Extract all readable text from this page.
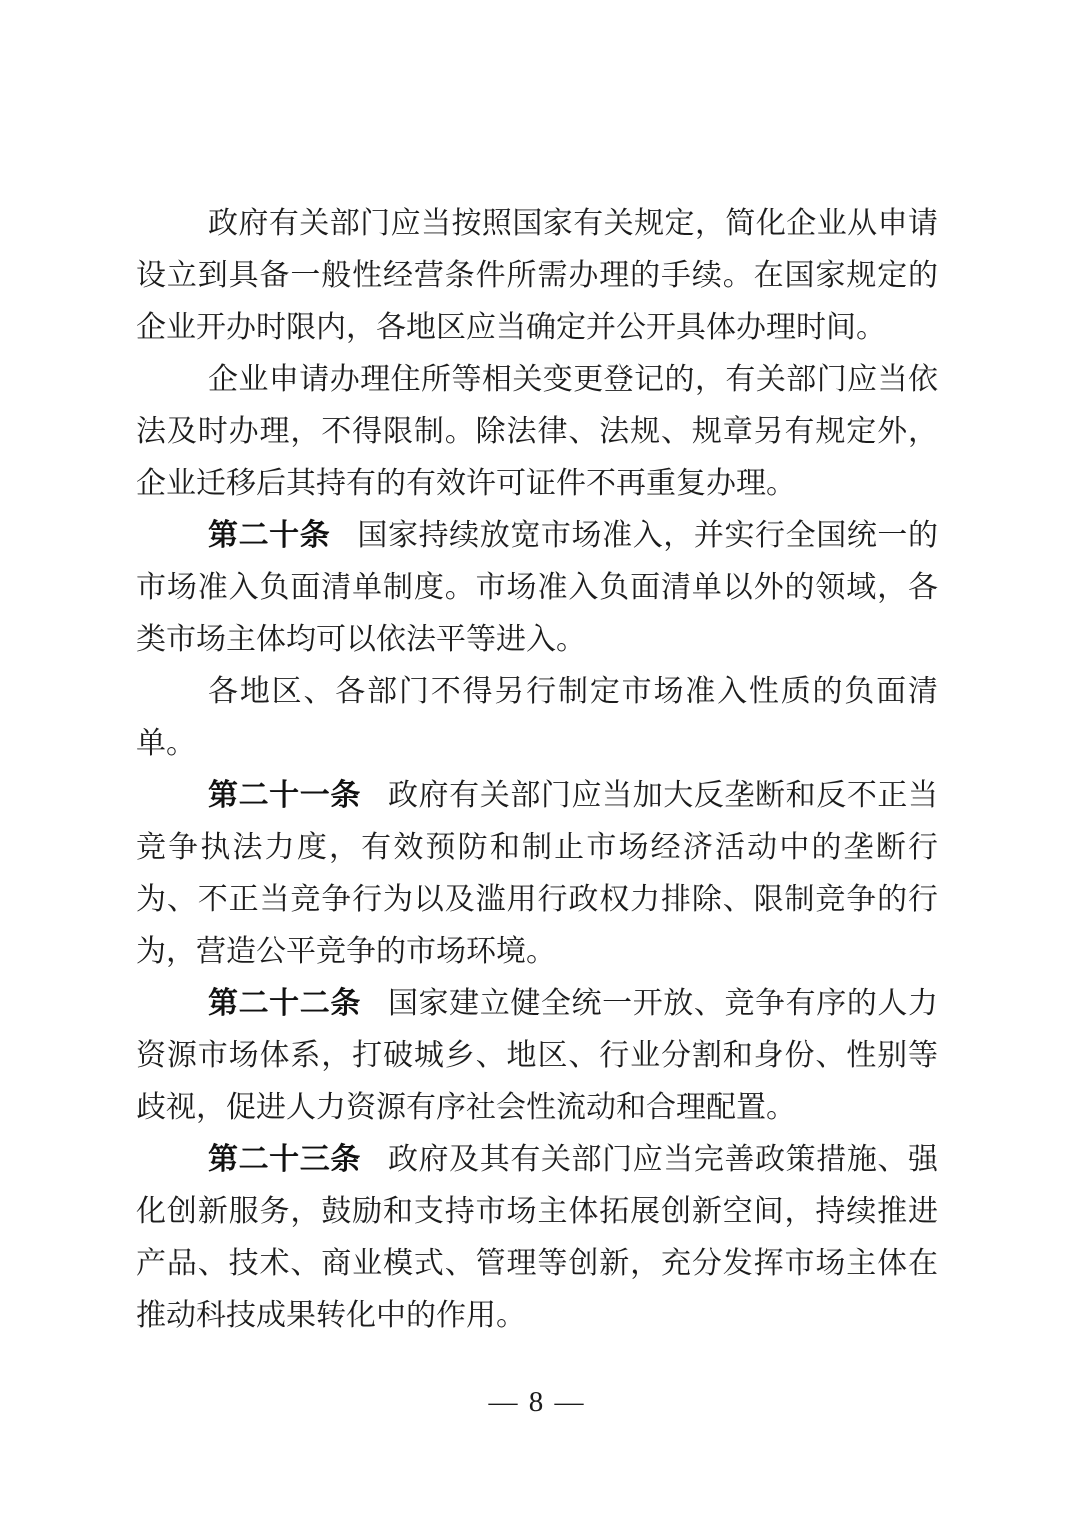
政府有关部门应当按照国家有关规定，简化企业从申请设立到具备一般性经营条件所需办理的手续。在国家规定的企业开办时限内，各地区应当确定并公开具体办理时间。

企业申请办理住所等相关变更登记的，有关部门应当依法及时办理，不得限制。除法律、法规、规章另有规定外，企业迁移后其持有的有效许可证件不再重复办理。

第二十条 国家持续放宽市场准入，并实行全国统一的市场准入负面清单制度。市场准入负面清单以外的领域，各类市场主体均可以依法平等进入。

各地区、各部门不得另行制定市场准入性质的负面清单。

第二十一条 政府有关部门应当加大反垄断和反不正当竞争执法力度，有效预防和制止市场经济活动中的垄断行为、不正当竞争行为以及滥用行政权力排除、限制竞争的行为，营造公平竞争的市场环境。

第二十二条 国家建立健全统一开放、竞争有序的人力资源市场体系，打破城乡、地区、行业分割和身份、性别等歧视，促进人力资源有序社会性流动和合理配置。

第二十三条 政府及其有关部门应当完善政策措施、强化创新服务，鼓励和支持市场主体拓展创新空间，持续推进产品、技术、商业模式、管理等创新，充分发挥市场主体在推动科技成果转化中的作用。

— 8 —
